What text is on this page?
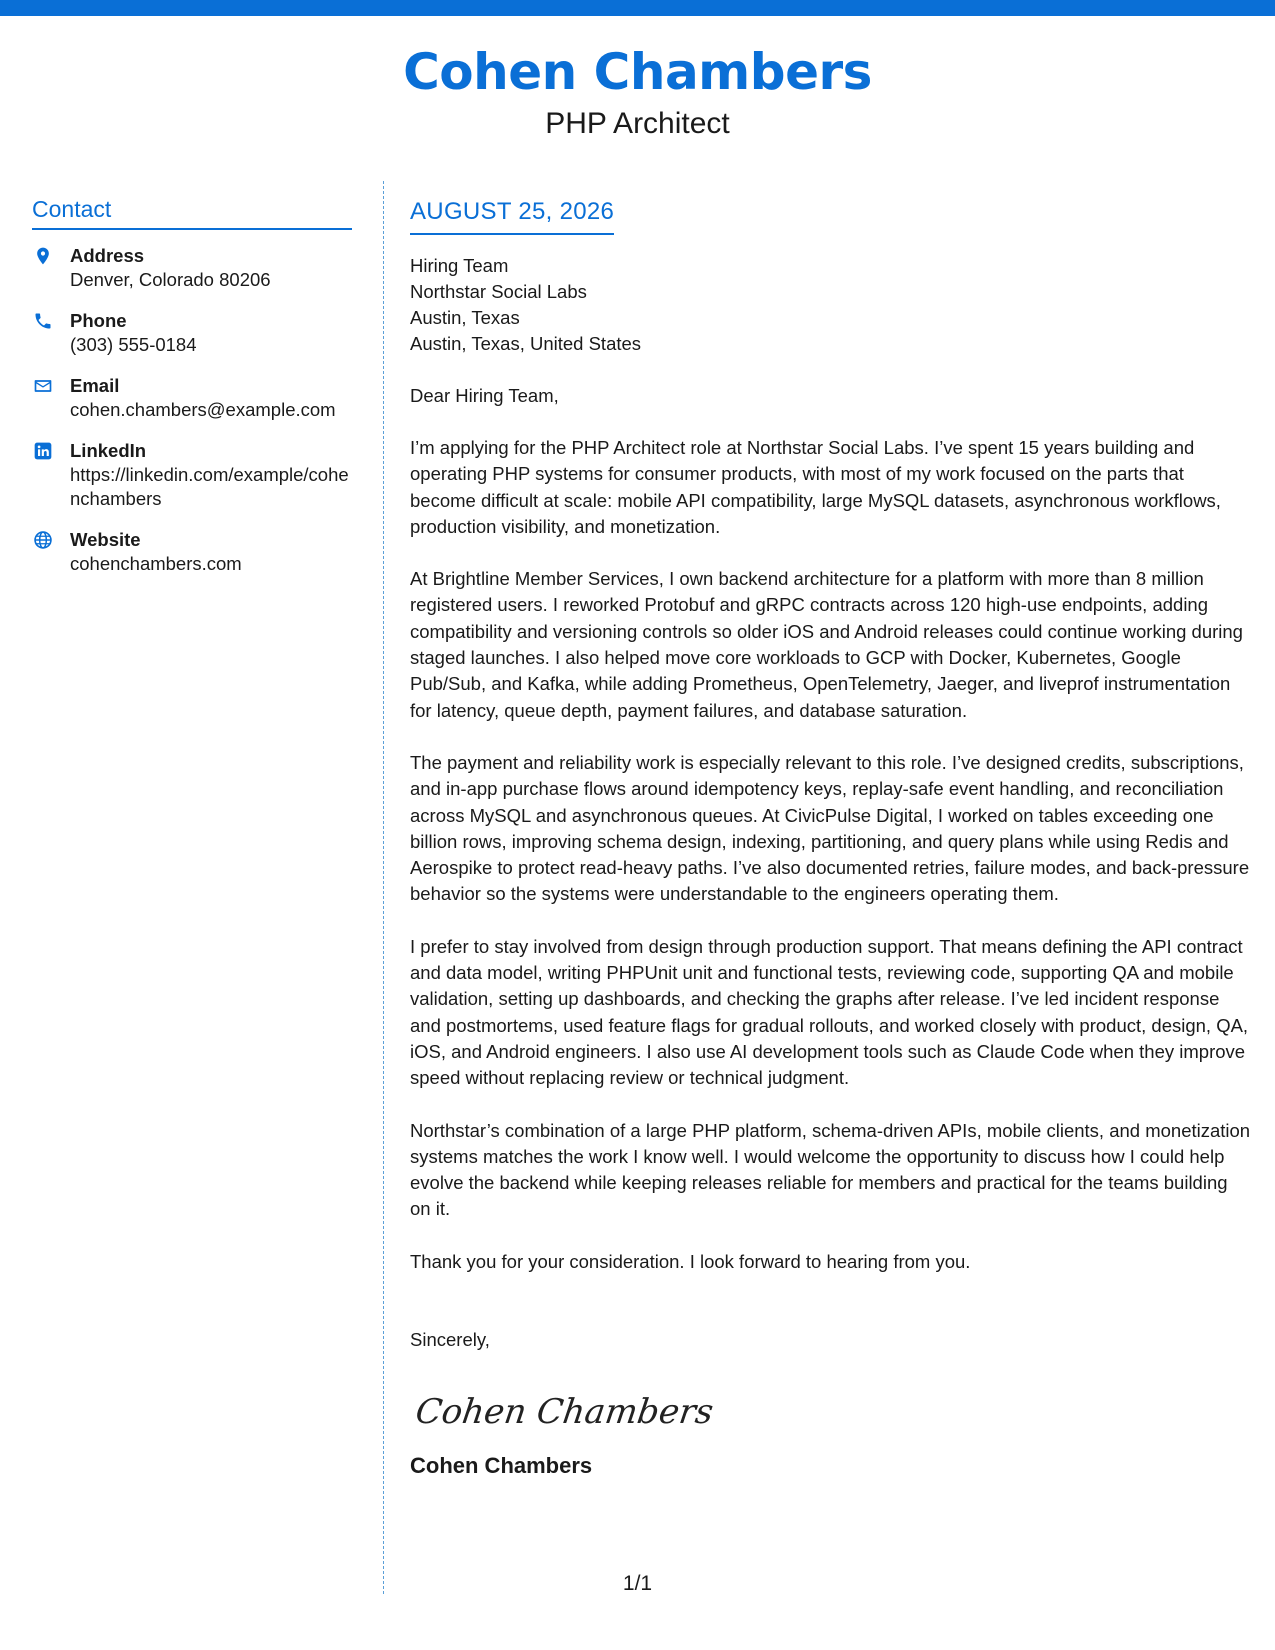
Cohen Chambers
PHP Architect
Contact
Address
Denver, Colorado 80206
Phone
(303) 555-0184
Email
cohen.chambers@example.com
LinkedIn
https://linkedin.com/example/cohenchambers
Website
cohenchambers.com
AUGUST 25, 2026
Hiring Team
Northstar Social Labs
Austin, Texas
Austin, Texas, United States
Dear Hiring Team,

I’m applying for the PHP Architect role at Northstar Social Labs. I’ve spent 15 years building and operating PHP systems for consumer products, with most of my work focused on the parts that become difficult at scale: mobile API compatibility, large MySQL datasets, asynchronous workflows, production visibility, and monetization.

At Brightline Member Services, I own backend architecture for a platform with more than 8 million registered users. I reworked Protobuf and gRPC contracts across 120 high-use endpoints, adding compatibility and versioning controls so older iOS and Android releases could continue working during staged launches. I also helped move core workloads to GCP with Docker, Kubernetes, Google Pub/Sub, and Kafka, while adding Prometheus, OpenTelemetry, Jaeger, and liveprof instrumentation for latency, queue depth, payment failures, and database saturation.

The payment and reliability work is especially relevant to this role. I’ve designed credits, subscriptions, and in-app purchase flows around idempotency keys, replay-safe event handling, and reconciliation across MySQL and asynchronous queues. At CivicPulse Digital, I worked on tables exceeding one billion rows, improving schema design, indexing, partitioning, and query plans while using Redis and Aerospike to protect read-heavy paths. I’ve also documented retries, failure modes, and back-pressure behavior so the systems were understandable to the engineers operating them.

I prefer to stay involved from design through production support. That means defining the API contract and data model, writing PHPUnit unit and functional tests, reviewing code, supporting QA and mobile validation, setting up dashboards, and checking the graphs after release. I’ve led incident response and postmortems, used feature flags for gradual rollouts, and worked closely with product, design, QA, iOS, and Android engineers. I also use AI development tools such as Claude Code when they improve speed without replacing review or technical judgment.

Northstar’s combination of a large PHP platform, schema-driven APIs, mobile clients, and monetization systems matches the work I know well. I would welcome the opportunity to discuss how I could help evolve the backend while keeping releases reliable for members and practical for the teams building on it.

Thank you for your consideration. I look forward to hearing from you.

Sincerely,
Cohen Chambers
Cohen Chambers
1/1
